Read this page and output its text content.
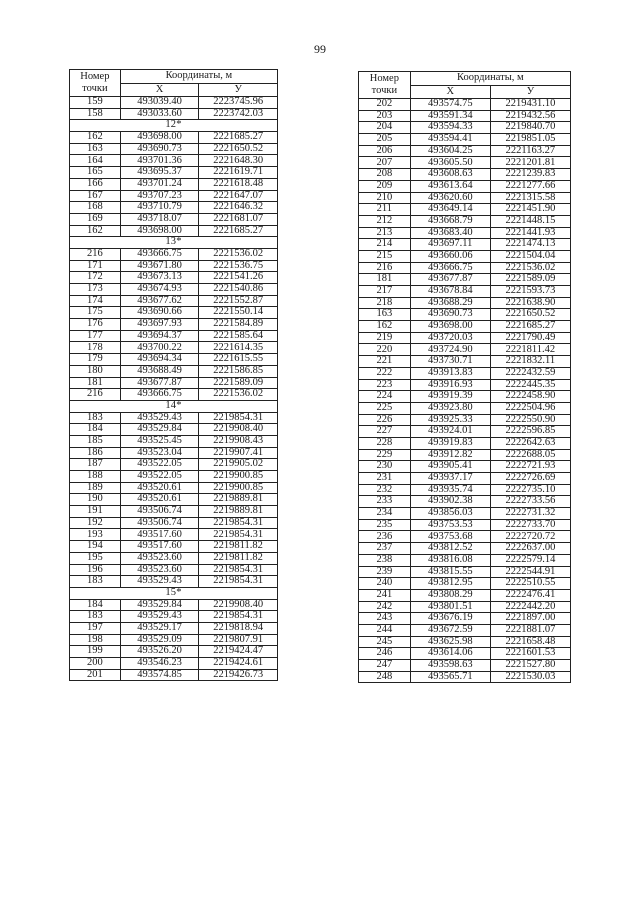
99
Номер
точки	Координаты, м	
	X	У
159	493039.40	2223745.96
158	493033.60	2223742.03
12*		
162	493698.00	2221685.27
163	493690.73	2221650.52
164	493701.36	2221648.30
165	493695.37	2221619.71
166	493701.24	2221618.48
167	493707.23	2221647.07
168	493710.79	2221646.32
169	493718.07	2221681.07
162	493698.00	2221685.27
13*		
216	493666.75	2221536.02
171	493671.80	2221536.75
172	493673.13	2221541.26
173	493674.93	2221540.86
174	493677.62	2221552.87
175	493690.66	2221550.14
176	493697.93	2221584.89
177	493694.37	2221585.64
178	493700.22	2221614.35
179	493694.34	2221615.55
180	493688.49	2221586.85
181	493677.87	2221589.09
216	493666.75	2221536.02
14*		
183	493529.43	2219854.31
184	493529.84	2219908.40
185	493525.45	2219908.43
186	493523.04	2219907.41
187	493522.05	2219905.02
188	493522.05	2219900.85
189	493520.61	2219900.85
190	493520.61	2219889.81
191	493506.74	2219889.81
192	493506.74	2219854.31
193	493517.60	2219854.31
194	493517.60	2219811.82
195	493523.60	2219811.82
196	493523.60	2219854.31
183	493529.43	2219854.31
15*		
184	493529.84	2219908.40
183	493529.43	2219854.31
197	493529.17	2219818.94
198	493529.09	2219807.91
199	493526.20	2219424.47
200	493546.23	2219424.61
201	493574.85	2219426.73
Номер
точки	Координаты, м	
	X	У
202	493574.75	2219431.10
203	493591.34	2219432.56
204	493594.33	2219840.70
205	493594.41	2219851.05
206	493604.25	2221163.27
207	493605.50	2221201.81
208	493608.63	2221239.83
209	493613.64	2221277.66
210	493620.60	2221315.58
211	493649.14	2221451.90
212	493668.79	2221448.15
213	493683.40	2221441.93
214	493697.11	2221474.13
215	493660.06	2221504.04
216	493666.75	2221536.02
181	493677.87	2221589.09
217	493678.84	2221593.73
218	493688.29	2221638.90
163	493690.73	2221650.52
162	493698.00	2221685.27
219	493720.03	2221790.49
220	493724.90	2221811.42
221	493730.71	2221832.11
222	493913.83	2222432.59
223	493916.93	2222445.35
224	493919.39	2222458.90
225	493923.80	2222504.96
226	493925.33	2222550.90
227	493924.01	2222596.85
228	493919.83	2222642.63
229	493912.82	2222688.05
230	493905.41	2222721.93
231	493937.17	2222726.69
232	493935.74	2222735.10
233	493902.38	2222733.56
234	493856.03	2222731.32
235	493753.53	2222733.70
236	493753.68	2222720.72
237	493812.52	2222637.00
238	493816.08	2222579.14
239	493815.55	2222544.91
240	493812.95	2222510.55
241	493808.29	2222476.41
242	493801.51	2222442.20
243	493676.19	2221897.00
244	493672.59	2221881.07
245	493625.98	2221658.48
246	493614.06	2221601.53
247	493598.63	2221527.80
248	493565.71	2221530.03
